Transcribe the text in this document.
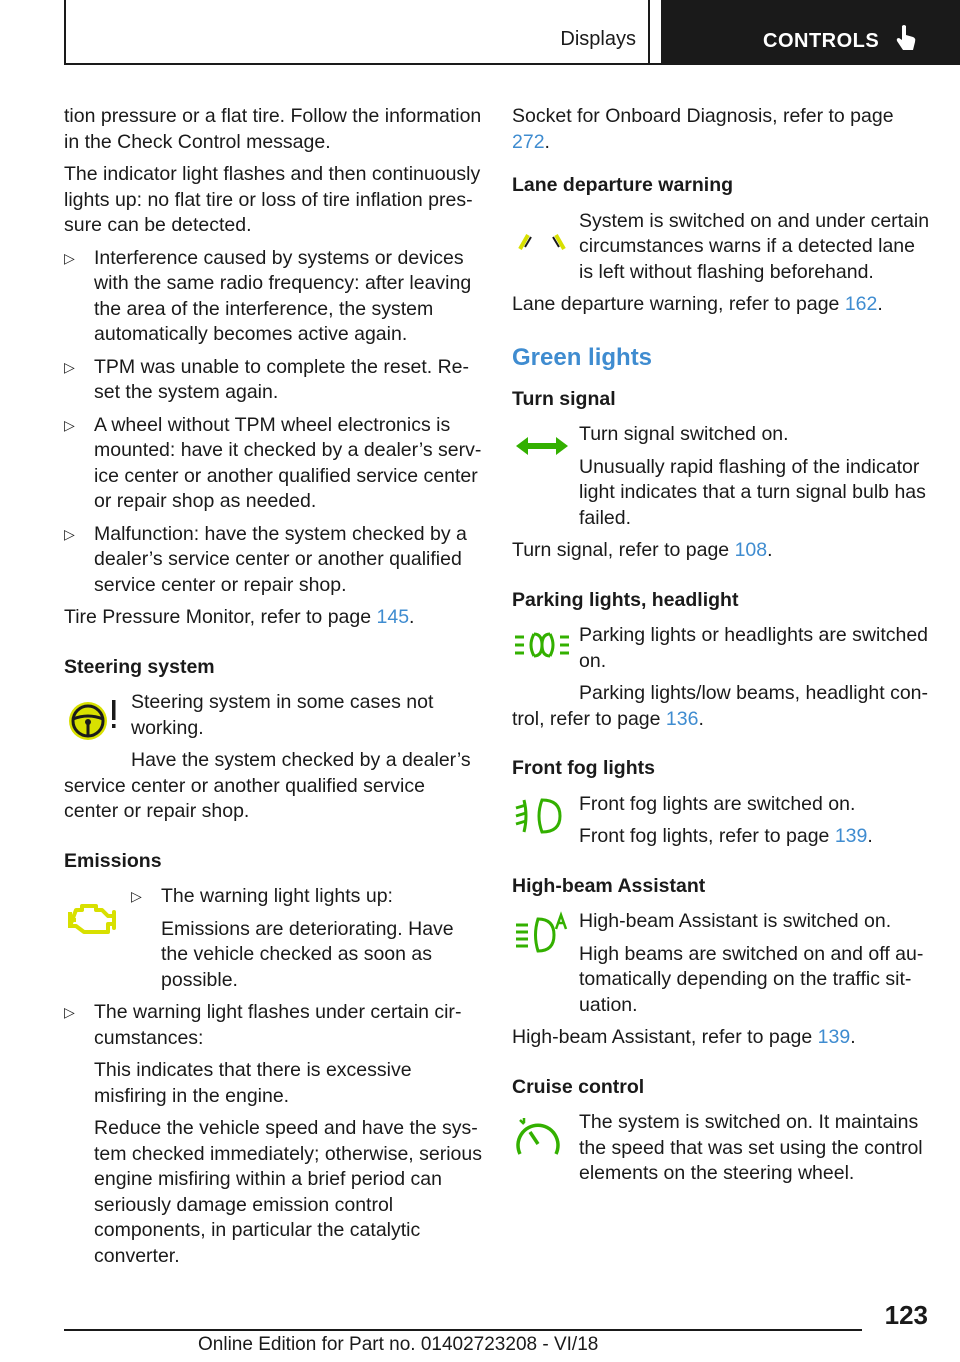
Displays	CONTROLS
tion pressure or a flat tire. Follow the information in the Check Control message.
The indicator light flashes and then continuously lights up: no flat tire or loss of tire inflation pressure can be detected.
▷ Interference caused by systems or devices with the same radio frequency: after leaving the area of the interference, the system automatically becomes active again.
▷ TPM was unable to complete the reset. Reset the system again.
▷ A wheel without TPM wheel electronics is mounted: have it checked by a dealer’s service center or another qualified service center or repair shop as needed.
▷ Malfunction: have the system checked by a dealer’s service center or another qualified service center or repair shop.
Tire Pressure Monitor, refer to page 145.
Steering system
Steering system in some cases not working.
Have the system checked by a dealer’s service center or another qualified service center or repair shop.
Emissions
▷ The warning light lights up:
Emissions are deteriorating. Have the vehicle checked as soon as possible.
▷ The warning light flashes under certain circumstances:
This indicates that there is excessive misfiring in the engine.
Reduce the vehicle speed and have the system checked immediately; otherwise, serious engine misfiring within a brief period can seriously damage emission control components, in particular the catalytic converter.
Socket for Onboard Diagnosis, refer to page 272.
Lane departure warning
System is switched on and under certain circumstances warns if a detected lane is left without flashing beforehand.
Lane departure warning, refer to page 162.
Green lights
Turn signal
Turn signal switched on.
Unusually rapid flashing of the indicator light indicates that a turn signal bulb has failed.
Turn signal, refer to page 108.
Parking lights, headlight
Parking lights or headlights are switched on.
Parking lights/low beams, headlight control, refer to page 136.
Front fog lights
Front fog lights are switched on.
Front fog lights, refer to page 139.
High-beam Assistant
High-beam Assistant is switched on.
High beams are switched on and off automatically depending on the traffic situation.
High-beam Assistant, refer to page 139.
Cruise control
The system is switched on. It maintains the speed that was set using the control elements on the steering wheel.
123
Online Edition for Part no. 01402723208 - VI/18
